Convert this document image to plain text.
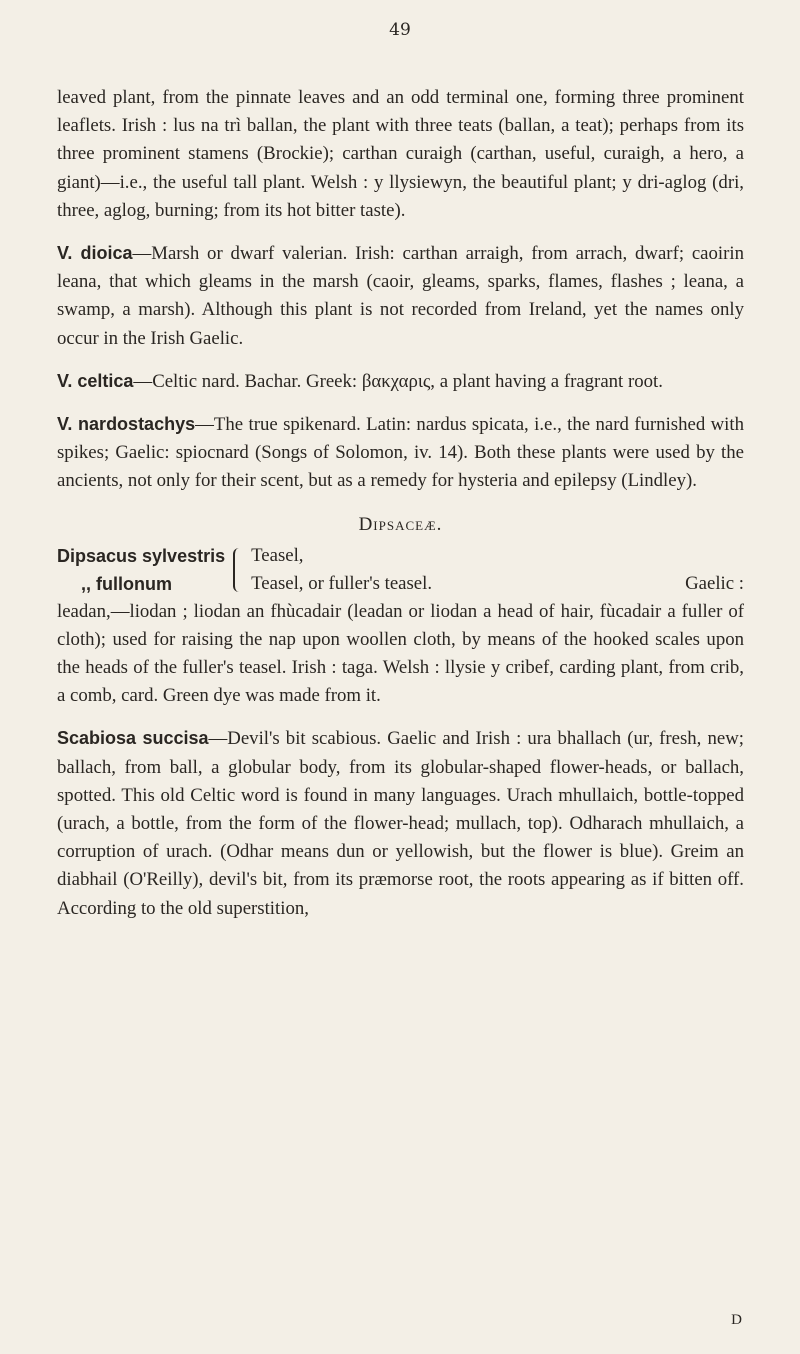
49

leaved plant, from the pinnate leaves and an odd terminal one, forming three prominent leaflets. Irish : lus na trì ballan, the plant with three teats (ballan, a teat); perhaps from its three prominent stamens (Brockie); carthan curaigh (carthan, useful, curaigh, a hero, a giant)—i.e., the useful tall plant. Welsh : y llysiewyn, the beautiful plant; y dri-aglog (dri, three, aglog, burning; from its hot bitter taste).

V. dioica—Marsh or dwarf valerian. Irish: carthan arraigh, from arrach, dwarf; caoirin leana, that which gleams in the marsh (caoir, gleams, sparks, flames, flashes ; leana, a swamp, a marsh). Although this plant is not recorded from Ireland, yet the names only occur in the Irish Gaelic.

V. celtica—Celtic nard. Bachar. Greek: βακχαρις, a plant having a fragrant root.

V. nardostachys—The true spikenard. Latin: nardus spicata, i.e., the nard furnished with spikes; Gaelic: spiocnard (Songs of Solomon, iv. 14). Both these plants were used by the ancients, not only for their scent, but as a remedy for hysteria and epilepsy (Lindley).

Dipsaceæ.
Dipsacus sylvestris
,, fullonum
Teasel,
Teasel, or fuller's teasel.	Gaelic :

leadan,—liodan ; liodan an fhùcadair (leadan or liodan a head of hair, fùcadair a fuller of cloth); used for raising the nap upon woollen cloth, by means of the hooked scales upon the heads of the fuller's teasel. Irish : taga. Welsh : llysie y cribef, carding plant, from crib, a comb, card. Green dye was made from it.

Scabiosa succisa—Devil's bit scabious. Gaelic and Irish : ura bhallach (ur, fresh, new; ballach, from ball, a globular body, from its globular-shaped flower-heads, or ballach, spotted. This old Celtic word is found in many languages. Urach mhullaich, bottle-topped (urach, a bottle, from the form of the flower-head; mullach, top). Odharach mhullaich, a corruption of urach. (Odhar means dun or yellowish, but the flower is blue). Greim an diabhail (O'Reilly), devil's bit, from its præmorse root, the roots appearing as if bitten off. According to the old superstition,

D
